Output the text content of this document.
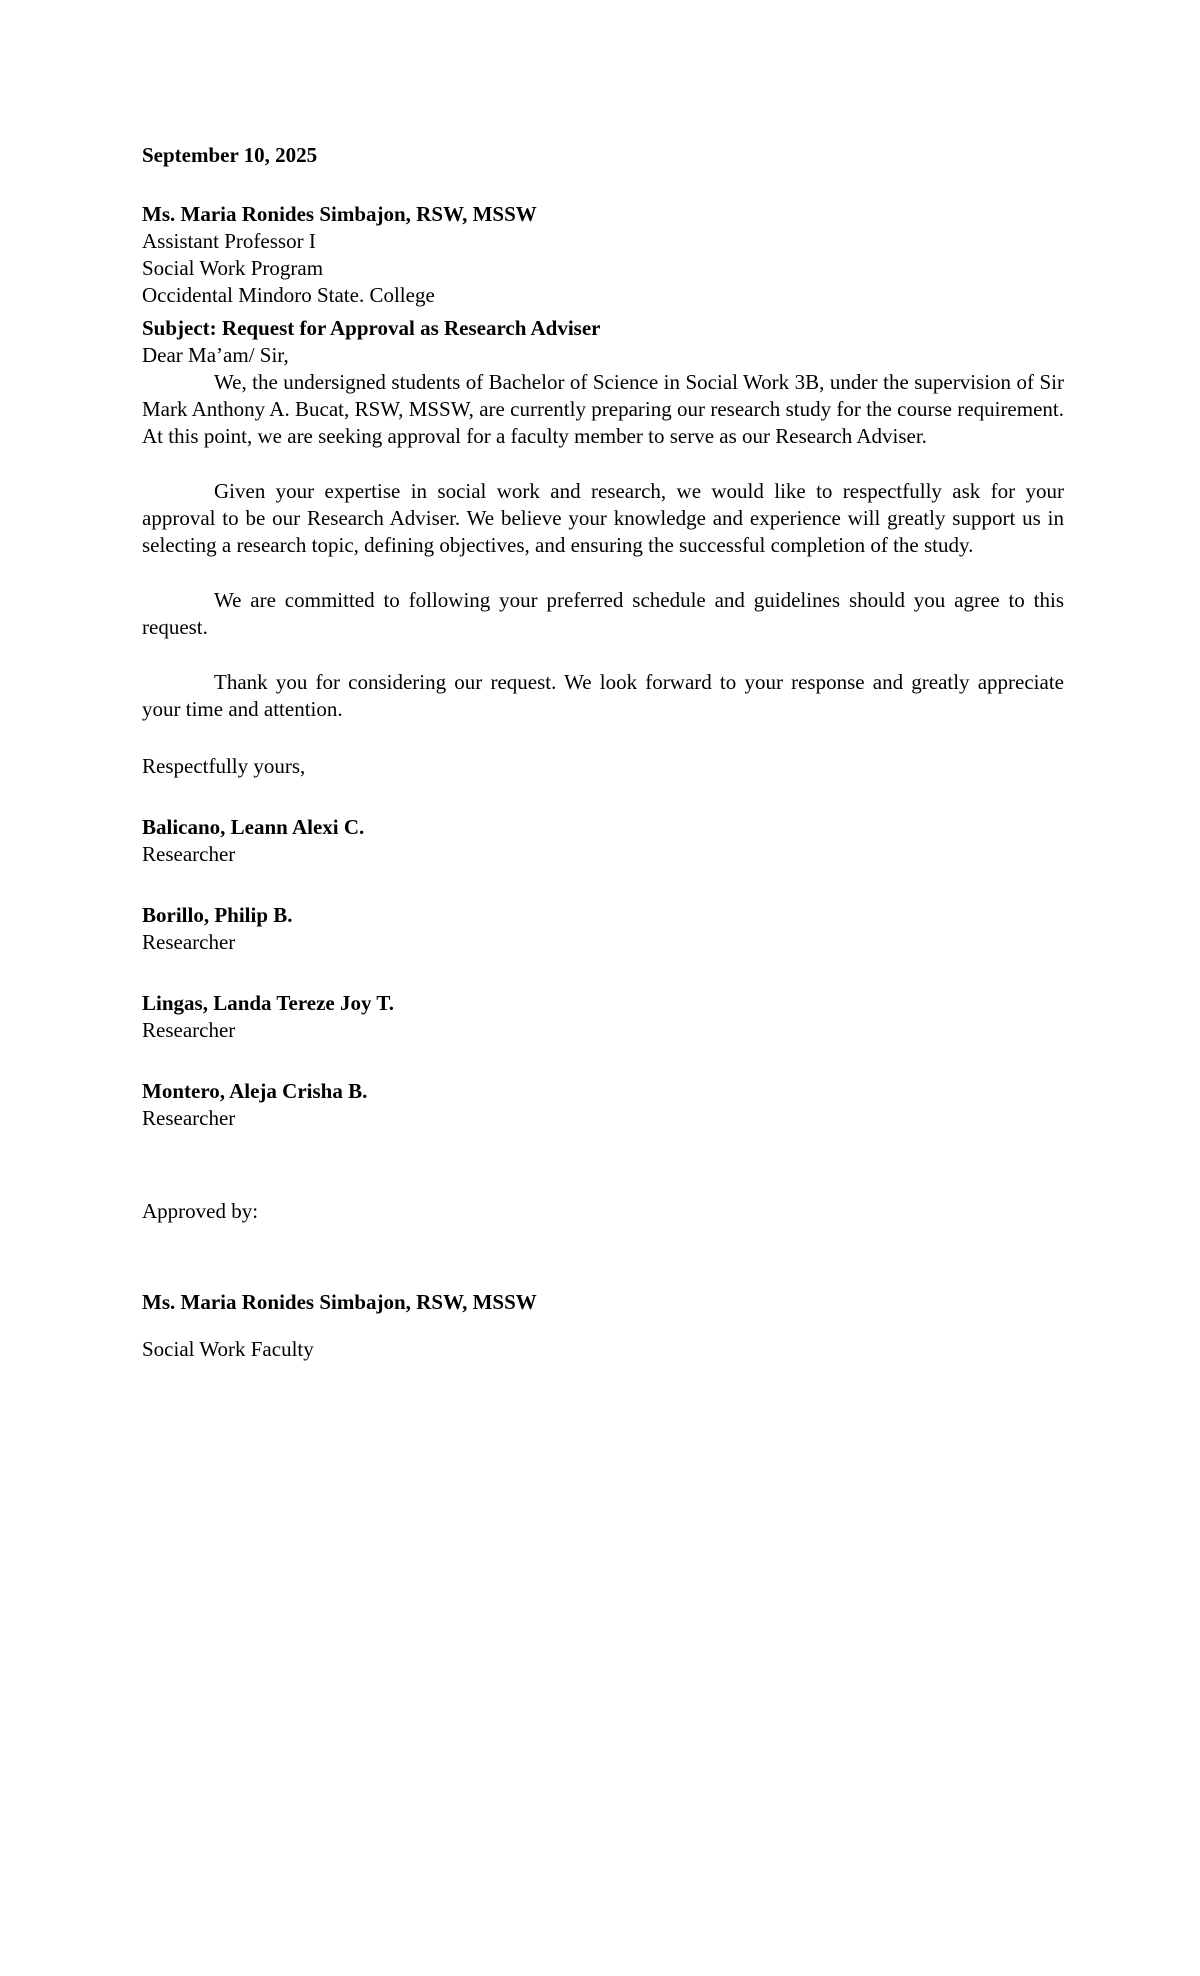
September 10, 2025
Ms. Maria Ronides Simbajon, RSW, MSSW
Assistant Professor I
Social Work Program
Occidental Mindoro State. College
Subject: Request for Approval as Research Adviser
Dear Ma’am/ Sir,

We, the undersigned students of Bachelor of Science in Social Work 3B, under the supervision of Sir Mark Anthony A. Bucat, RSW, MSSW, are currently preparing our research study for the course requirement. At this point, we are seeking approval for a faculty member to serve as our Research Adviser.

Given your expertise in social work and research, we would like to respectfully ask for your approval to be our Research Adviser. We believe your knowledge and experience will greatly support us in selecting a research topic, defining objectives, and ensuring the successful completion of the study.

We are committed to following your preferred schedule and guidelines should you agree to this request.

Thank you for considering our request. We look forward to your response and greatly appreciate your time and attention.

Respectfully yours,
Balicano, Leann Alexi C.
Researcher
Borillo, Philip B.
Researcher
Lingas, Landa Tereze Joy T.
Researcher
Montero, Aleja Crisha B.
Researcher
Approved by:
Ms. Maria Ronides Simbajon, RSW, MSSW
Social Work Faculty
